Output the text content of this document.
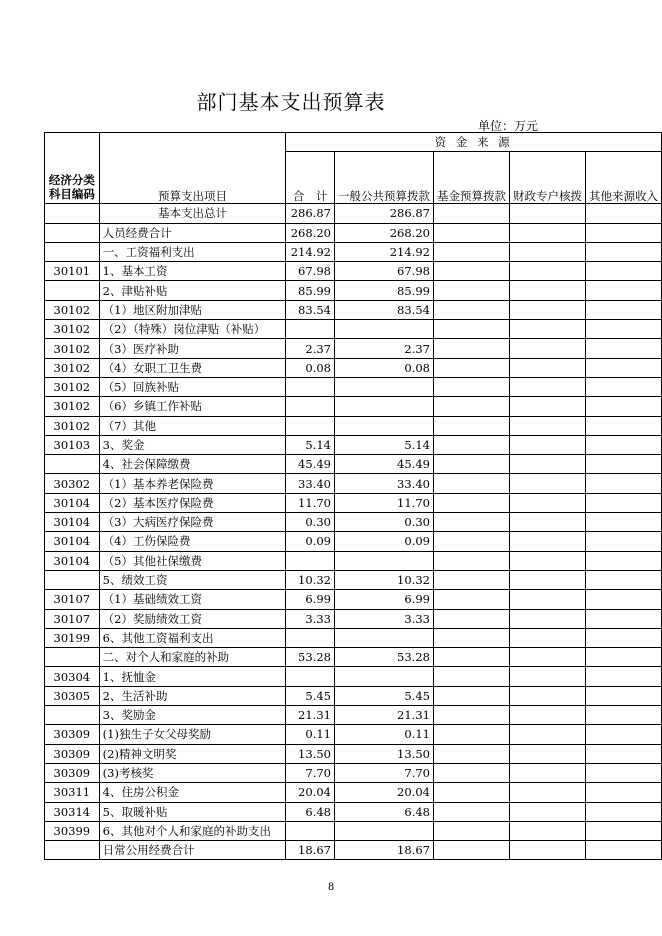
部门基本支出预算表
单位：万元
经济分类科目编码	预算支出项目	资 金 来 源				
		合　计	一般公共预算拨款	基金预算拨款	财政专户核拨	其他来源收入
	基本支出总计	286.87	286.87			
	人员经费合计	268.20	268.20			
	一、工资福利支出	214.92	214.92			
30101	1、基本工资	67.98	67.98			
	2、津贴补贴	85.99	85.99			
30102	（1）地区附加津贴	83.54	83.54			
30102	（2）（特殊）岗位津贴（补贴）					
30102	（3）医疗补助	2.37	2.37			
30102	（4）女职工卫生费	0.08	0.08			
30102	（5）回族补贴					
30102	（6）乡镇工作补贴					
30102	（7）其他					
30103	3、奖金	5.14	5.14			
	4、社会保障缴费	45.49	45.49			
30302	（1）基本养老保险费	33.40	33.40			
30104	（2）基本医疗保险费	11.70	11.70			
30104	（3）大病医疗保险费	0.30	0.30			
30104	（4）工伤保险费	0.09	0.09			
30104	（5）其他社保缴费					
	5、绩效工资	10.32	10.32			
30107	（1）基础绩效工资	6.99	6.99			
30107	（2）奖励绩效工资	3.33	3.33			
30199	6、其他工资福利支出					
	二、对个人和家庭的补助	53.28	53.28			
30304	1、抚恤金					
30305	2、生活补助	5.45	5.45			
	3、奖励金	21.31	21.31			
30309	(1)独生子女父母奖励	0.11	0.11			
30309	(2)精神文明奖	13.50	13.50			
30309	(3)考核奖	7.70	7.70			
30311	4、住房公积金	20.04	20.04			
30314	5、取暖补贴	6.48	6.48			
30399	6、其他对个人和家庭的补助支出					
	日常公用经费合计	18.67	18.67			
8
